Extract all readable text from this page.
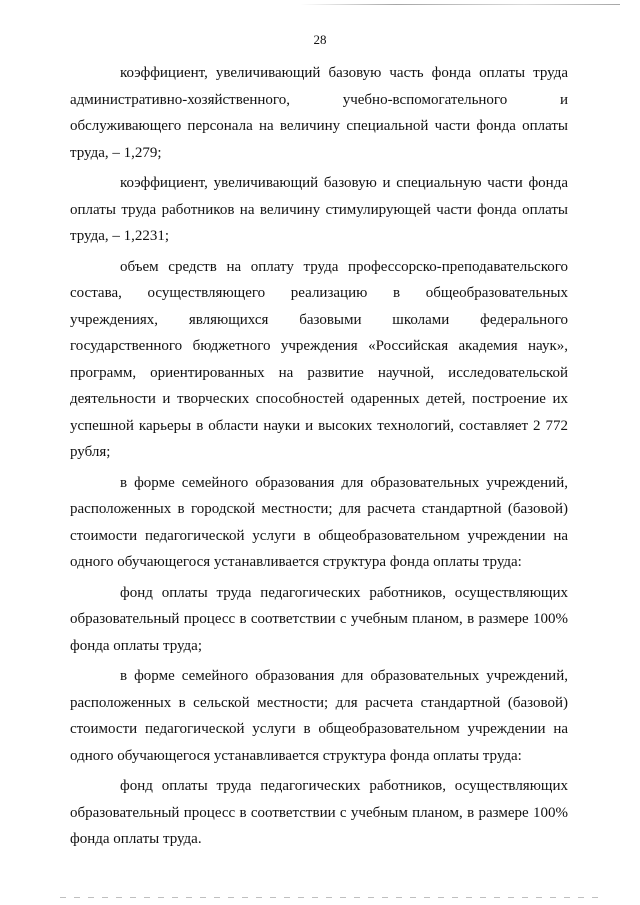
28

коэффициент, увеличивающий базовую часть фонда оплаты труда административно-хозяйственного, учебно-вспомогательного и обслуживающего персонала на величину специальной части фонда оплаты труда, – 1,279;

коэффициент, увеличивающий базовую и специальную части фонда оплаты труда работников на величину стимулирующей части фонда оплаты труда, – 1,2231;

объем средств на оплату труда профессорско-преподавательского состава, осуществляющего реализацию в общеобразовательных учреждениях, являющихся базовыми школами федерального государственного бюджетного учреждения «Российская академия наук», программ, ориентированных на развитие научной, исследовательской деятельности и творческих способностей одаренных детей, построение их успешной карьеры в области науки и высоких технологий, составляет 2 772 рубля;

в форме семейного образования для образовательных учреждений, расположенных в городской местности; для расчета стандартной (базовой) стоимости педагогической услуги в общеобразовательном учреждении на одного обучающегося устанавливается структура фонда оплаты труда:

фонд оплаты труда педагогических работников, осуществляющих образовательный процесс в соответствии с учебным планом, в размере 100% фонда оплаты труда;

в форме семейного образования для образовательных учреждений, расположенных в сельской местности; для расчета стандартной (базовой) стоимости педагогической услуги в общеобразовательном учреждении на одного обучающегося устанавливается структура фонда оплаты труда:

фонд оплаты труда педагогических работников, осуществляющих образовательный процесс в соответствии с учебным планом, в размере 100% фонда оплаты труда.
